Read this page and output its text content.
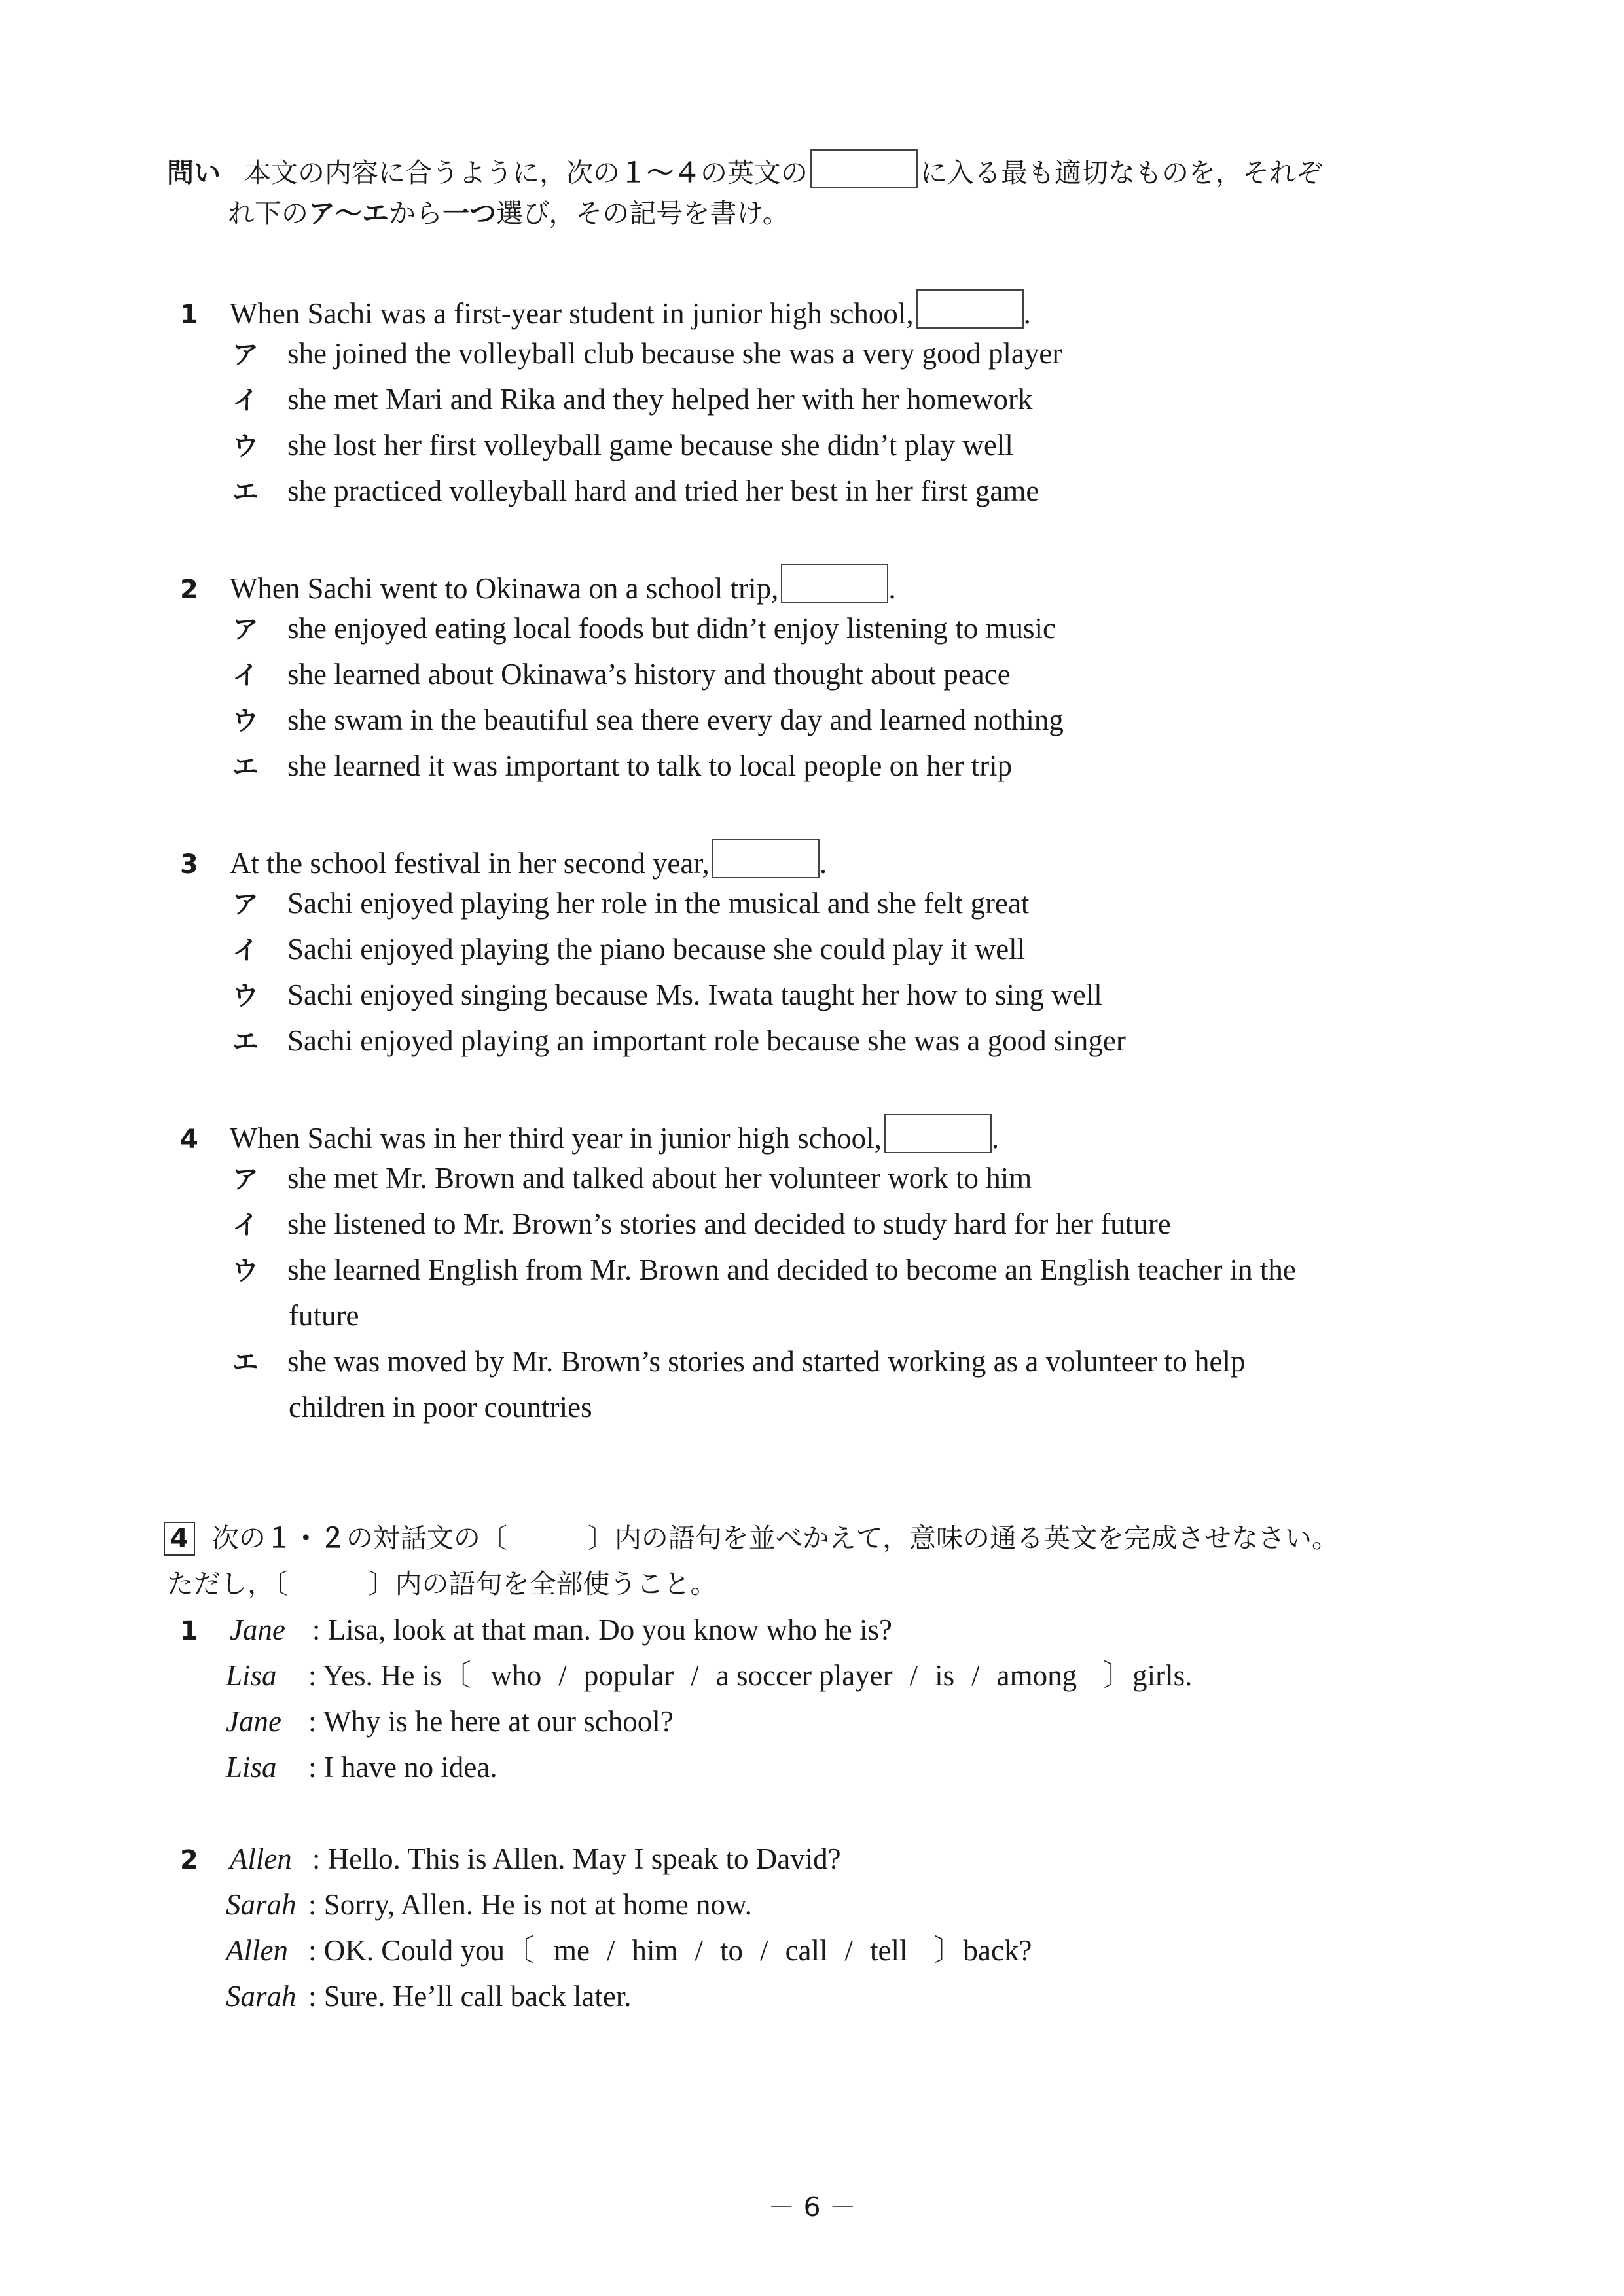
問い 本文の内容に合うように，次の１～４の英文の	に入る最も適切なものを，それぞ
れ下のア～エから一つ選び，その記号を書け。
1 When Sachi was a first-year student in junior high school,	.
ア she joined the volleyball club because she was a very good player
イ she met Mari and Rika and they helped her with her homework
ウ she lost her first volleyball game because she didn’t play well
エ she practiced volleyball hard and tried her best in her first game
2 When Sachi went to Okinawa on a school trip,	.
ア she enjoyed eating local foods but didn’t enjoy listening to music
イ she learned about Okinawa’s history and thought about peace
ウ she swam in the beautiful sea there every day and learned nothing
エ she learned it was important to talk to local people on her trip
3 At the school festival in her second year,	.
ア Sachi enjoyed playing her role in the musical and she felt great
イ Sachi enjoyed playing the piano because she could play it well
ウ Sachi enjoyed singing because Ms. Iwata taught her how to sing well
エ Sachi enjoyed playing an important role because she was a good singer
4 When Sachi was in her third year in junior high school,	.
ア she met Mr. Brown and talked about her volunteer work to him
イ she listened to Mr. Brown’s stories and decided to study hard for her future
ウ she learned English from Mr. Brown and decided to become an English teacher in the
future
エ she was moved by Mr. Brown’s stories and started working as a volunteer to help
children in poor countries
4 次の１・２の対話文の〔　　　〕内の語句を並べかえて，意味の通る英文を完成させなさい。
ただし，〔　　　〕内の語句を全部使うこと。
1 Jane : Lisa, look at that man. Do you know who he is?
Lisa : Yes. He is〔 who / popular / a soccer player / is / among 〕girls.
Jane : Why is he here at our school?
Lisa : I have no idea.
2 Allen : Hello. This is Allen. May I speak to David?
Sarah : Sorry, Allen. He is not at home now.
Allen : OK. Could you〔 me / him / to / call / tell 〕back?
Sarah : Sure. He’ll call back later.
－ 6 －
